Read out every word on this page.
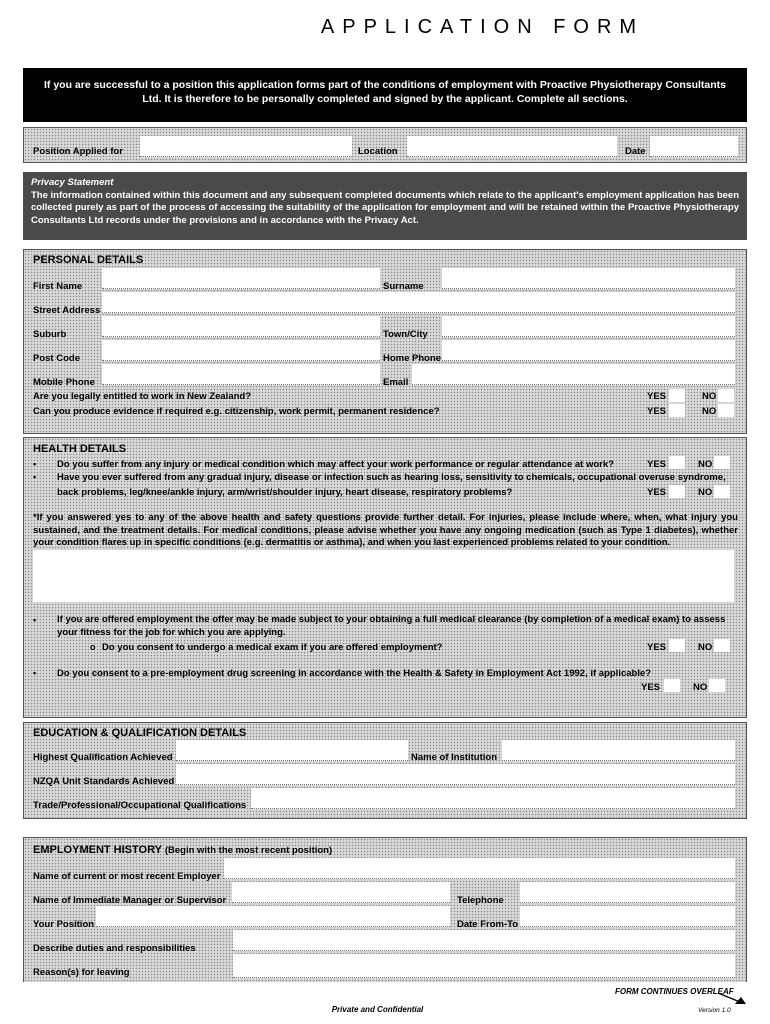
APPLICATION FORM
If you are successful to a position this application forms part of the conditions of employment with Proactive Physiotherapy Consultants Ltd. It is therefore to be personally completed and signed by the applicant. Complete all sections.
Position Applied for	Location	Date
Privacy Statement
The information contained within this document and any subsequent completed documents which relate to the applicant's employment application has been collected purely as part of the process of accessing the suitability of the application for employment and will be retained within the Proactive Physiotherapy Consultants Ltd records under the provisions and in accordance with the Privacy Act.
PERSONAL DETAILS
First Name	Surname
Street Address
Suburb	Town/City
Post Code	Home Phone
Mobile Phone	Email
Are you legally entitled to work in New Zealand?	YES	NO
Can you produce evidence if required e.g. citizenship, work permit, permanent residence?	YES	NO
HEALTH DETAILS
▪ Do you suffer from any injury or medical condition which may affect your work performance or regular attendance at work?	YES	NO
▪ Have you ever suffered from any gradual injury, disease or infection such as hearing loss, sensitivity to chemicals, occupational overuse syndrome,
back problems, leg/knee/ankle injury, arm/wrist/shoulder injury, heart disease, respiratory problems?	YES	NO
*If you answered yes to any of the above health and safety questions provide further detail. For injuries, please include where, when, what injury you sustained, and the treatment details. For medical conditions, please advise whether you have any ongoing medication (such as Type 1 diabetes), whether your condition flares up in specific conditions (e.g. dermatitis or asthma), and when you last experienced problems related to your condition.
▪ If you are offered employment the offer may be made subject to your obtaining a full medical clearance (by completion of a medical exam) to assess your fitness for the job for which you are applying.
o Do you consent to undergo a medical exam if you are offered employment?	YES	NO
▪ Do you consent to a pre-employment drug screening in accordance with the Health & Safety in Employment Act 1992, if applicable?
YES	NO
EDUCATION & QUALIFICATION DETAILS
Highest Qualification Achieved	Name of Institution
NZQA Unit Standards Achieved
Trade/Professional/Occupational Qualifications
EMPLOYMENT HISTORY (Begin with the most recent position)
Name of current or most recent Employer
Name of Immediate Manager or Supervisor	Telephone
Your Position	Date From-To
Describe duties and responsibilities
Reason(s) for leaving
FORM CONTINUES OVERLEAF
Private and Confidential	Version 1.0
